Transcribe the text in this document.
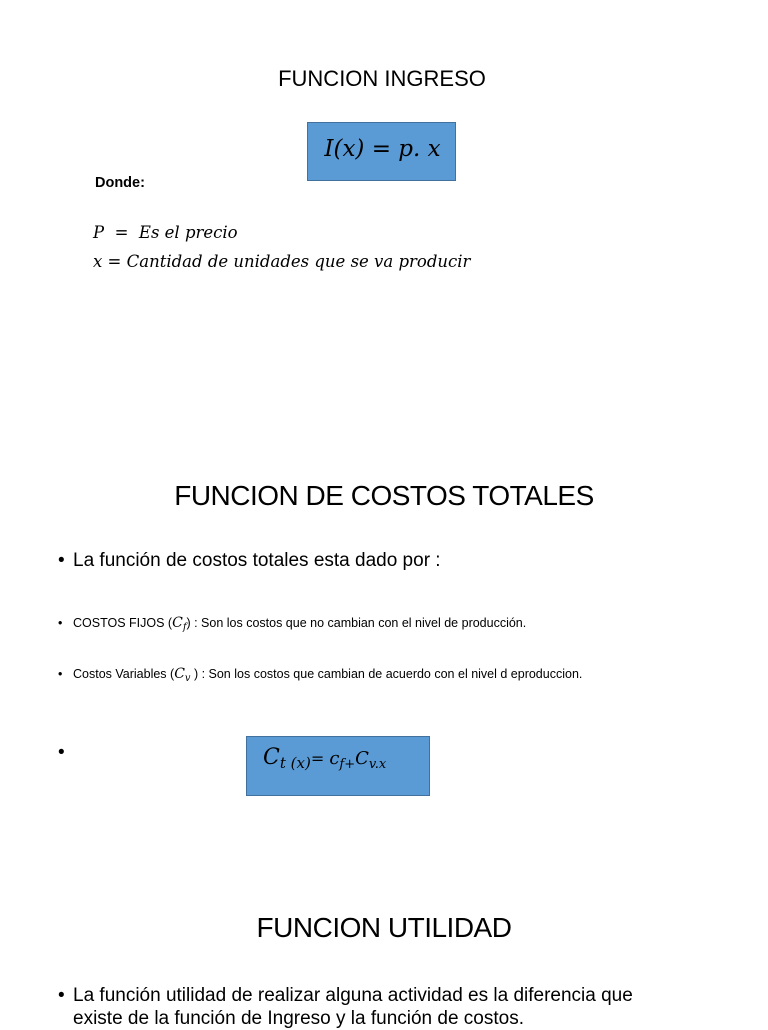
FUNCION INGRESO
I(x) = p. x
Donde:
P  =  Es el precio
x = Cantidad de unidades que se va producir
FUNCION DE COSTOS TOTALES
• La función de costos totales esta dado por :
• COSTOS FIJOS $(C_f)$ : Son los costos que no cambian con el nivel de producción.
• Costos Variables ($C_v$ ) : Son los costos que cambian de acuerdo con el nivel d eproduccion.
•	$C_{t (x)}= c_{f+}C_{v.x}$
FUNCION UTILIDAD
• La función utilidad de realizar alguna actividad es la diferencia que
existe de la función de Ingreso y la función de costos.
